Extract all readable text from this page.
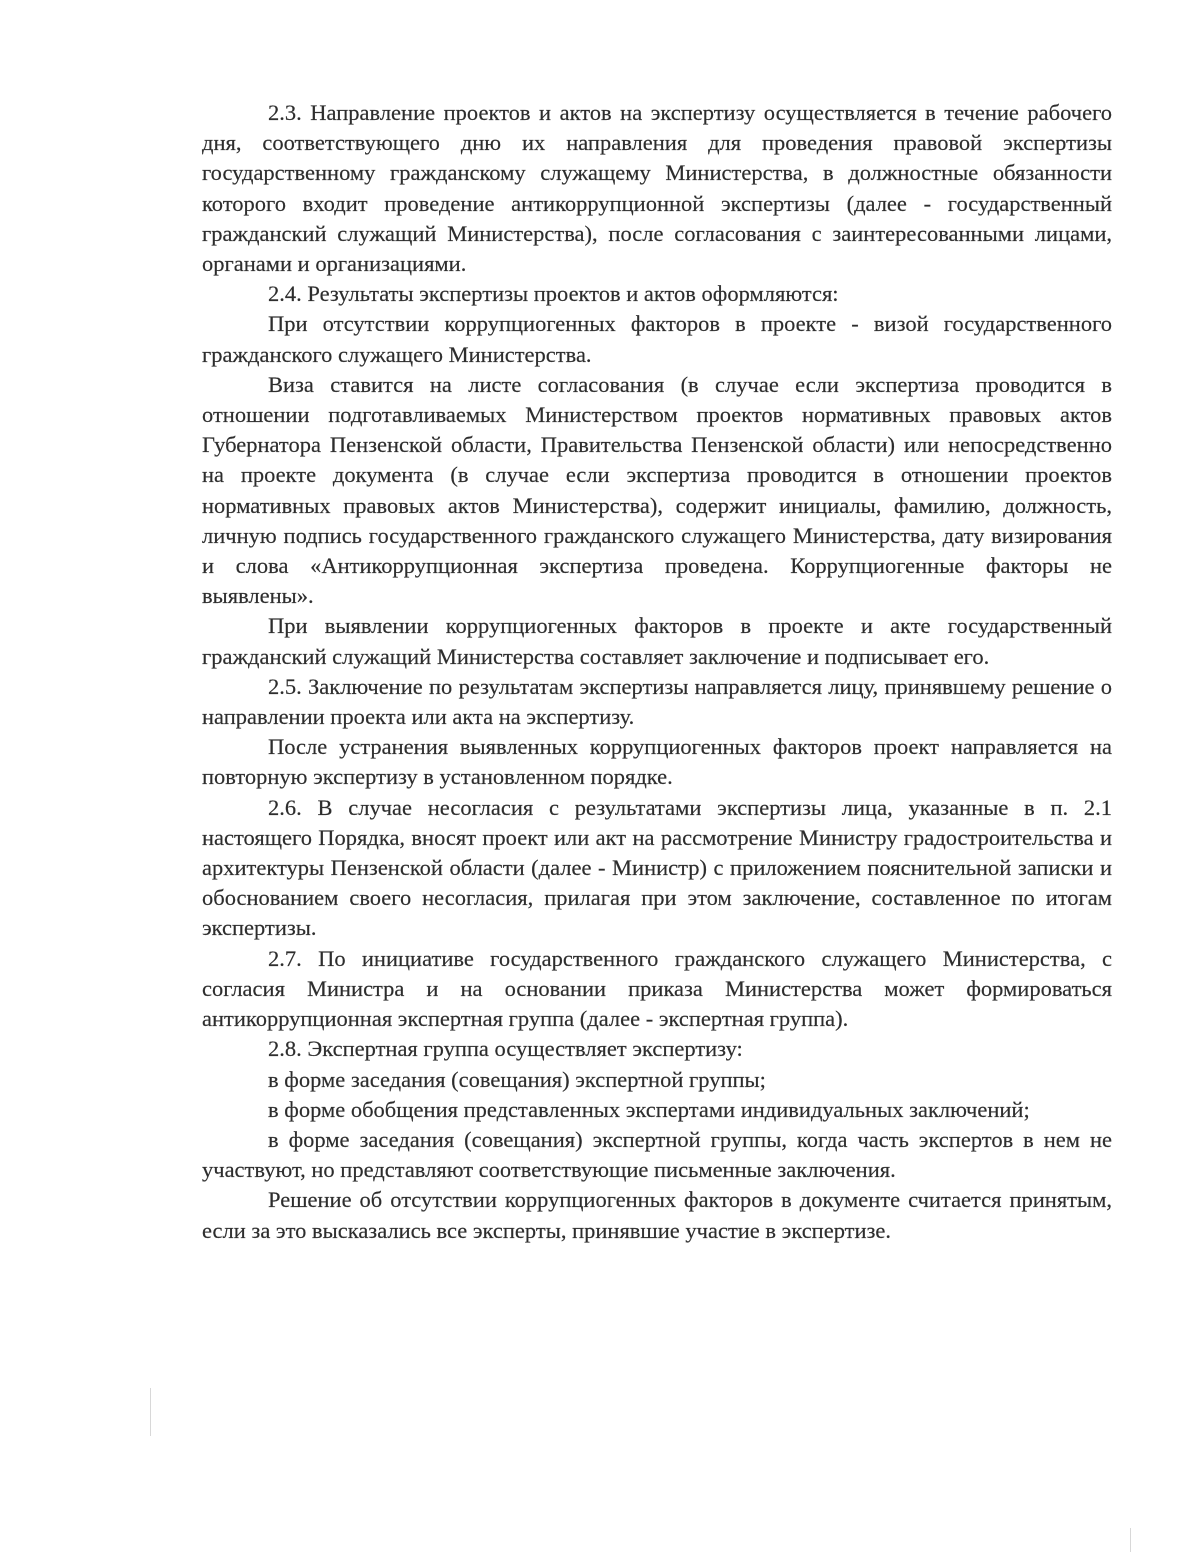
2.3. Направление проектов и актов на экспертизу осуществляется в течение рабочего дня, соответствующего дню их направления для проведения правовой экспертизы государственному гражданскому служащему Министерства, в должностные обязанности которого входит проведение антикоррупционной экспертизы (далее - государственный гражданский служащий Министерства), после согласования с заинтересованными лицами, органами и организациями.

2.4. Результаты экспертизы проектов и актов оформляются:

При отсутствии коррупциогенных факторов в проекте - визой государственного гражданского служащего Министерства.

Виза ставится на листе согласования (в случае если экспертиза проводится в отношении подготавливаемых Министерством проектов нормативных правовых актов Губернатора Пензенской области, Правительства Пензенской области) или непосредственно на проекте документа (в случае если экспертиза проводится в отношении проектов нормативных правовых актов Министерства), содержит инициалы, фамилию, должность, личную подпись государственного гражданского служащего Министерства, дату визирования и слова «Антикоррупционная экспертиза проведена. Коррупциогенные факторы не выявлены».

При выявлении коррупциогенных факторов в проекте и акте государственный гражданский служащий Министерства составляет заключение и подписывает его.

2.5. Заключение по результатам экспертизы направляется лицу, принявшему решение о направлении проекта или акта на экспертизу.

После устранения выявленных коррупциогенных факторов проект направляется на повторную экспертизу в установленном порядке.

2.6. В случае несогласия с результатами экспертизы лица, указанные в п. 2.1 настоящего Порядка, вносят проект или акт на рассмотрение Министру градостроительства и архитектуры Пензенской области (далее - Министр) с приложением пояснительной записки и обоснованием своего несогласия, прилагая при этом заключение, составленное по итогам экспертизы.

2.7. По инициативе государственного гражданского служащего Министерства, с согласия Министра и на основании приказа Министерства может формироваться антикоррупционная экспертная группа (далее - экспертная группа).

2.8. Экспертная группа осуществляет экспертизу:

в форме заседания (совещания) экспертной группы;

в форме обобщения представленных экспертами индивидуальных заключений;

в форме заседания (совещания) экспертной группы, когда часть экспертов в нем не участвуют, но представляют соответствующие письменные заключения.

Решение об отсутствии коррупциогенных факторов в документе считается принятым, если за это высказались все эксперты, принявшие участие в экспертизе.
